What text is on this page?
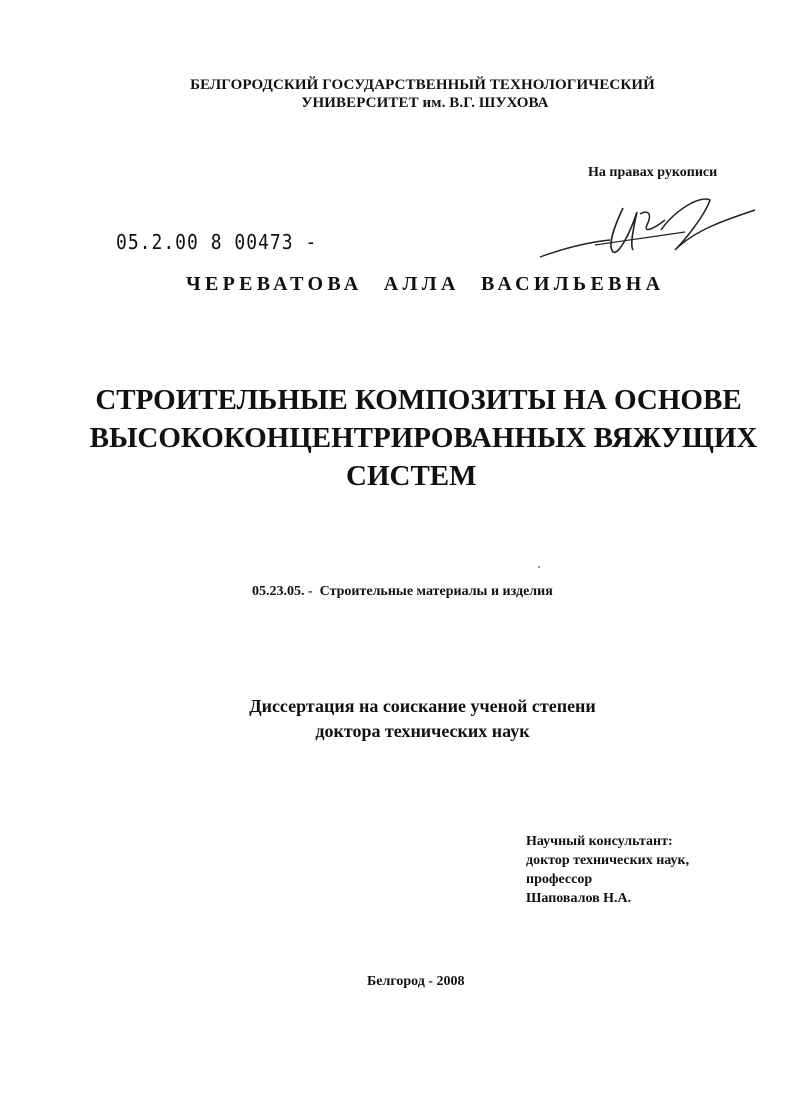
БЕЛГОРОДСКИЙ ГОСУДАРСТВЕННЫЙ ТЕХНОЛОГИЧЕСКИЙ
УНИВЕРСИТЕТ им. В.Г. ШУХОВА
На правах рукописи
05.2.00 8 00473 -
ЧЕРЕВАТОВА АЛЛА ВАСИЛЬЕВНА
СТРОИТЕЛЬНЫЕ КОМПОЗИТЫ НА ОСНОВЕ
ВЫСОКОКОНЦЕНТРИРОВАННЫХ ВЯЖУЩИХ
СИСТЕМ
05.23.05. -  Строительные материалы и изделия
Диссертация на соискание ученой степени
доктора технических наук
Научный консультант:
доктор технических наук,
профессор
Шаповалов Н.А.
Белгород - 2008
